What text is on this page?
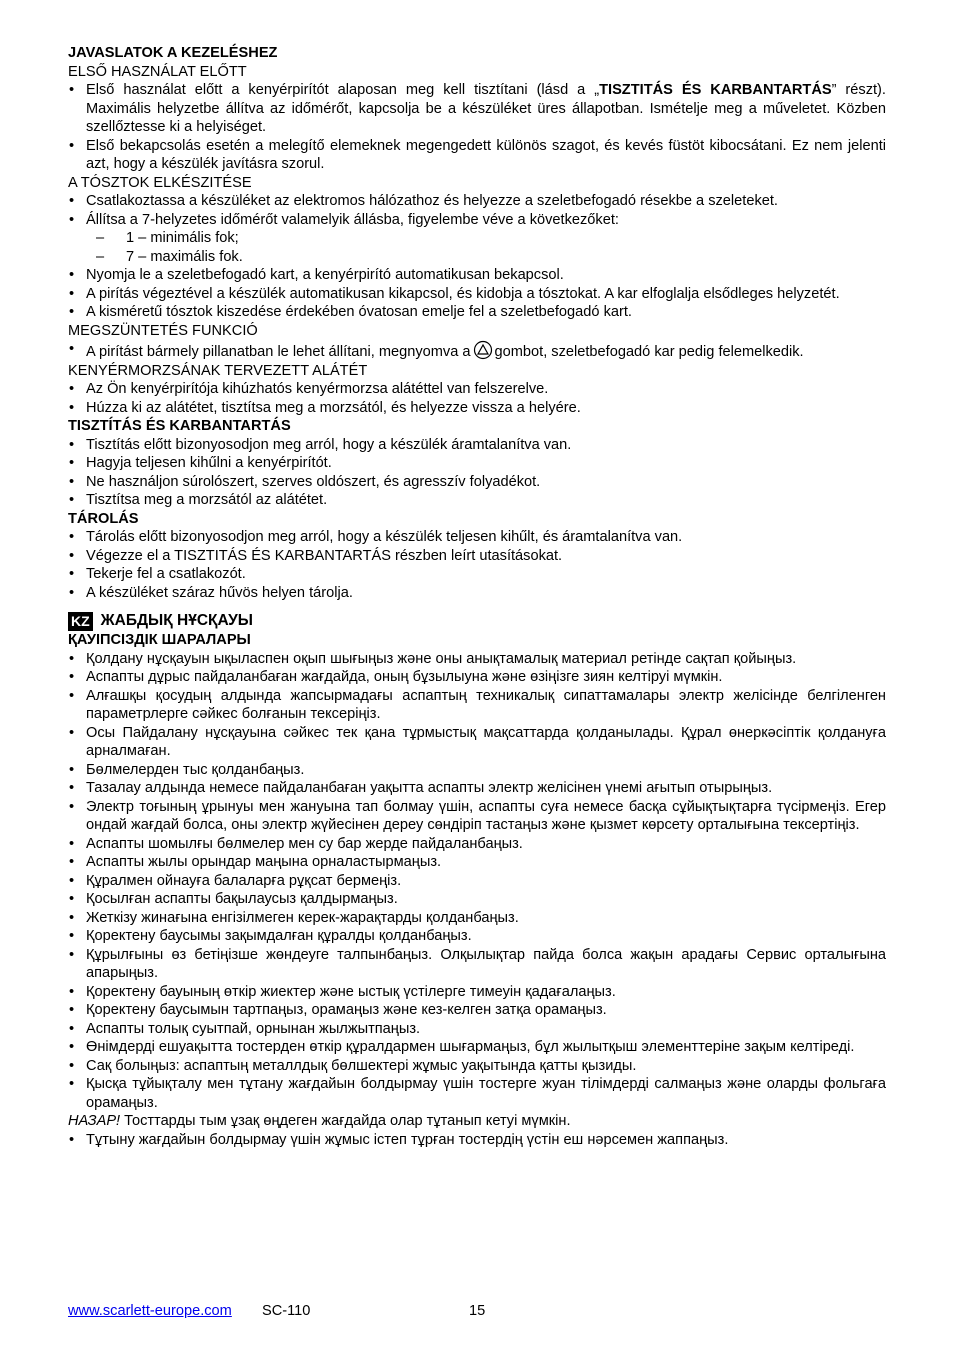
JAVASLATOK A KEZELÉSHEZ
ELSŐ HASZNÁLAT ELŐTT

• Első használat előtt a kenyérpirítót alaposan meg kell tisztítani (lásd a „TISZTITÁS ÉS KARBANTARTÁS” részt). Maximális helyzetbe állítva az időmérőt, kapcsolja be a készüléket üres állapotban. Ismételje meg a műveletet. Közben szellőztesse ki a helyiséget.

• Első bekapcsolás esetén a melegítő elemeknek megengedett különös szagot, és kevés füstöt kibocsátani. Ez nem jelenti azt, hogy a készülék javításra szorul.

A TÓSZTOK ELKÉSZITÉSE

• Csatlakoztassa a készüléket az elektromos hálózathoz és helyezze a szeletbefogadó résekbe a szeleteket.

• Állítsa a 7-helyzetes időmérőt valamelyik állásba, figyelembe véve a következőket:

– 1 – minimális fok;

– 7 – maximális fok.

• Nyomja le a szeletbefogadó kart, a kenyérpirító automatikusan bekapcsol.

• A pirítás végeztével a készülék automatikusan kikapcsol, és kidobja a tósztokat. A kar elfoglalja elsődleges helyzetét.

• A kisméretű tósztok kiszedése érdekében óvatosan emelje fel a szeletbefogadó kart.

MEGSZÜNTETÉS FUNKCIÓ

• A pirítást bármely pillanatban le lehet állítani, megnyomva a gombot, szeletbefogadó kar pedig felemelkedik.

KENYÉRMORZSÁNAK TERVEZETT ALÁTÉT

• Az Ön kenyérpirítója kihúzhatós kenyérmorzsa alátéttel van felszerelve.

• Húzza ki az alátétet, tisztítsa meg a morzsától, és helyezze vissza a helyére.

TISZTÍTÁS ÉS KARBANTARTÁS

• Tisztítás előtt bizonyosodjon meg arról, hogy a készülék áramtalanítva van.

• Hagyja teljesen kihűlni a kenyérpirítót.

• Ne használjon súrolószert, szerves oldószert, és agresszív folyadékot.

• Tisztítsa meg a morzsától az alátétet.

TÁROLÁS

• Tárolás előtt bizonyosodjon meg arról, hogy a készülék teljesen kihűlt, és áramtalanítva van.

• Végezze el a TISZTITÁS ÉS KARBANTARTÁS részben leírt utasításokat.

• Tekerje fel a csatlakozót.

• A készüléket száraz hűvös helyen tárolja.

KZ ЖАБДЫҚ НҰСҚАУЫ
ҚАУІПСІЗДІК ШАРАЛАРЫ

• Қолдану нұсқауын ықыласпен оқып шығыңыз және оны анықтамалық материал ретінде сақтап қойыңыз.

• Аспапты дұрыс пайдаланбаған жағдайда, оның бұзылыуна және өзіңізге зиян келтіруі мүмкін.

• Алғашқы қосудың алдында жапсырмадағы аспаптың техникалық сипаттамалары электр желісінде белгіленген параметрлерге сәйкес болғанын тексеріңіз.

• Осы Пайдалану нұсқауына сәйкес тек қана тұрмыстық мақсаттарда қолданылады. Құрал өнеркәсіптік қолдануға арналмаған.

• Бөлмелерден тыс қолданбаңыз.

• Тазалау алдында немесе пайдаланбаған уақытта аспапты электр желісінен үнемі ағытып отырыңыз.

• Электр тоғының ұрынуы мен жануына тап болмау үшін, аспапты суға немесе басқа сұйықтықтарға түсірмеңіз. Егер ондай жағдай болса, оны электр жүйесінен дереу сөндіріп тастаңыз және қызмет көрсету орталығына тексертіңіз.

• Аспапты шомылғы бөлмелер мен су бар жерде пайдаланбаңыз.

• Аспапты жылы орындар маңына орналастырмаңыз.

• Құралмен ойнауға балаларға рұқсат бермеңіз.

• Қосылған аспапты бақылаусыз қалдырмаңыз.

• Жеткізу жинағына енгізілмеген керек-жарақтарды қолданбаңыз.

• Қоректену баусымы зақымдалған құралды қолданбаңыз.

• Құрылғыны өз бетіңізше жөндеуге талпынбаңыз. Олқылықтар пайда болса жақын арадағы Сервис орталығына апарыңыз.

• Қоректену бауының өткір жиектер және ыстық үстілерге тимеуін қадағалаңыз.

• Қоректену баусымын тартпаңыз, орамаңыз және кез-келген затқа орамаңыз.

• Аспапты толық суытпай, орнынан жылжытпаңыз.

• Өнімдерді ешуақытта тостерден өткір құралдармен шығармаңыз, бұл жылытқыш элементтеріне зақым келтіреді.

• Сақ болыңыз: аспаптың металлдық бөлшектері жұмыс уақытында қатты қызиды.

• Қысқа тұйықталу мен тұтану жағдайын болдырмау үшін тостерге жуан тілімдерді салмаңыз және оларды фольгаға орамаңыз.

НАЗАР! Тосттарды тым ұзақ өңдеген жағдайда олар тұтанып кетуі мүмкін.

• Тұтыну жағдайын болдырмау үшін жұмыс істеп тұрған тостердің үстін еш нәрсемен жаппаңыз.

www.scarlett-europe.com SC-110	15
